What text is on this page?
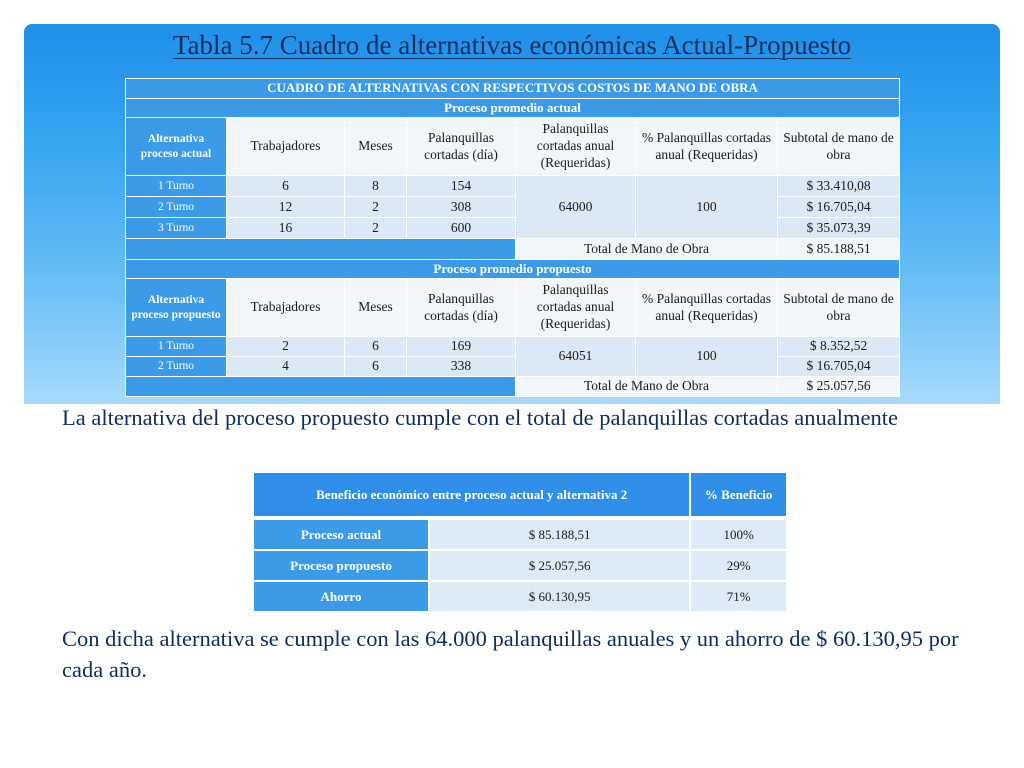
Tabla 5.7 Cuadro de alternativas económicas Actual-Propuesto
CUADRO DE ALTERNATIVAS CON RESPECTIVOS COSTOS DE MANO DE OBRA						
Proceso promedio actual						
Alternativa proceso actual	Trabajadores	Meses	Palanquillas cortadas (día)	Palanquillas cortadas anual (Requeridas)	% Palanquillas cortadas anual (Requeridas)	Subtotal de mano de obra
1 Turno	6	8	154	64000	100	$ 33.410,08
2 Turno	12	2	308			$ 16.705,04
3 Turno	16	2	600			$ 35.073,39
				Total de Mano de Obra		$ 85.188,51
Proceso promedio propuesto						
Alternativa proceso propuesto	Trabajadores	Meses	Palanquillas cortadas (día)	Palanquillas cortadas anual (Requeridas)	% Palanquillas cortadas anual (Requeridas)	Subtotal de mano de obra
1 Turno	2	6	169	64051	100	$ 8.352,52
2 Turno	4	6	338			$ 16.705,04
				Total de Mano de Obra		$ 25.057,56
La alternativa del proceso propuesto cumple con el total de palanquillas cortadas anualmente
Beneficio económico entre proceso actual y alternativa 2		% Beneficio

Proceso actual	$ 85.188,51	100%
Proceso propuesto	$ 25.057,56	29%
Ahorro	$ 60.130,95	71%
Con dicha alternativa se cumple con las 64.000 palanquillas anuales y un ahorro de $ 60.130,95 por cada año.
